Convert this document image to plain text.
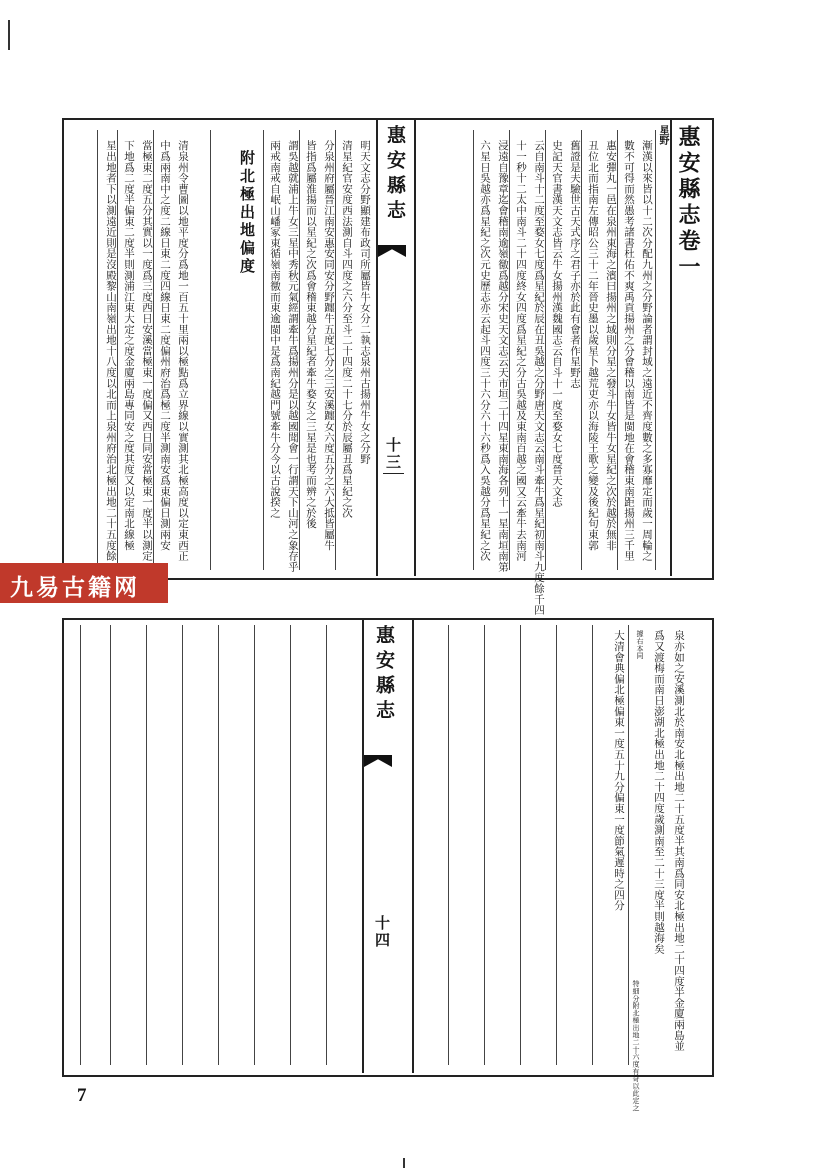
惠安縣志卷一
星野
漸漢以來皆以十二次分配九州之分野論者謂封域之遠近不齊度數之多寡靡定而歲一周輪之
數不可得而然愚考諸書杜佑不爽禹貢揚州之分會稽以南皆是閩地在會稽東南距揚州三千里
惠安彈丸一邑在泉州東海之濱曰揚州之域則分星之發斗牛女皆牛女星紀之次於越於無非
丑位北而指南左傳昭公三十二年晉史墨以歲星卜越荒吏亦以海陵王歌之變及後紀句東郭
舊證是夫驗世古天式序之君子亦於此有會者作星野志
史記天官書漢天文志皆云牛女揚州漢魏國志云自斗十一度至婺女七度晉天文志
云自南斗十二度至婺女七度爲星紀於辰在丑吳越之分野唐天文志云南斗牽牛爲星紀初南斗九度餘千四
十一秒十二太中南斗二十四度終女四度爲星紀之分古吳越及東南百越之國又云牽牛去南河
浸遠自豫章迄會稽南逾嶺徼爲越分宋史天文志云天市垣二十四星東南海各列十一星南垣南第
六星日吳越亦爲星紀之次元史歷志亦云起斗四度三十六分六十六秒爲入吳越分爲星紀之次
惠安縣志
十三
明天文志分野顯建布政司所屬皆牛女分二執志泉州古揚州牛女之分野
清星紀官安度西法測自斗四度之六分至斗二十四度二十七分於辰屬丑爲星紀之次
分泉州府屬晉江南安惠安同安分野躔牛五度七分之三安溪躔女六度五分之六大抵皆屬牛
皆指爲屬淮揚而以星紀之次爲會稽東越分星紀者牽牛婺女之三星是也考而辨之於後
謂吳越就浦上牛女三星中秀秋元氣經謂牽牛爲揚州分是以越國聞會一行謂天下山河之象存乎
兩戒南戒自岷山嶓冢東循嶺南徼而東逾閩中是爲南紀越門號牽牛分今以古說揆之
附北極出地偏度
清泉州令曹圖以地平度分爲地一百五十里兩以極點爲立界線以實測其北極高度以定東西正
中爲兩南中之度二線日東二度四線日東二度偏州府治爲極二度半測南安爲東偏日測兩安
當極東二度五分其實以一度爲三度西日安溪當極東一度偏又西日同安當極東一度半以測定
下地爲二度半偏東二度半則測浦江東大定之度金廈兩島專同安之度其度又以定南北線極
星出地者下以測遠近則是沒殿黎山南嶺出地十八度以北而上泉州府治北極出地二十五度餘
九易古籍网
泉亦如之安溪測北於南安北極出地二十五度半其南爲同安北極出地二十四度半金廈兩島並
爲又渡梅而南日澎湖北極出地二十四度歲測南至二十三度半則越海矣
據右本同
特細分附北極出地二十六度有奇以此定之
大清會典偏北極偏東一度五十九分偏東一度節氣遲時之四分
惠安縣志
十四
7
